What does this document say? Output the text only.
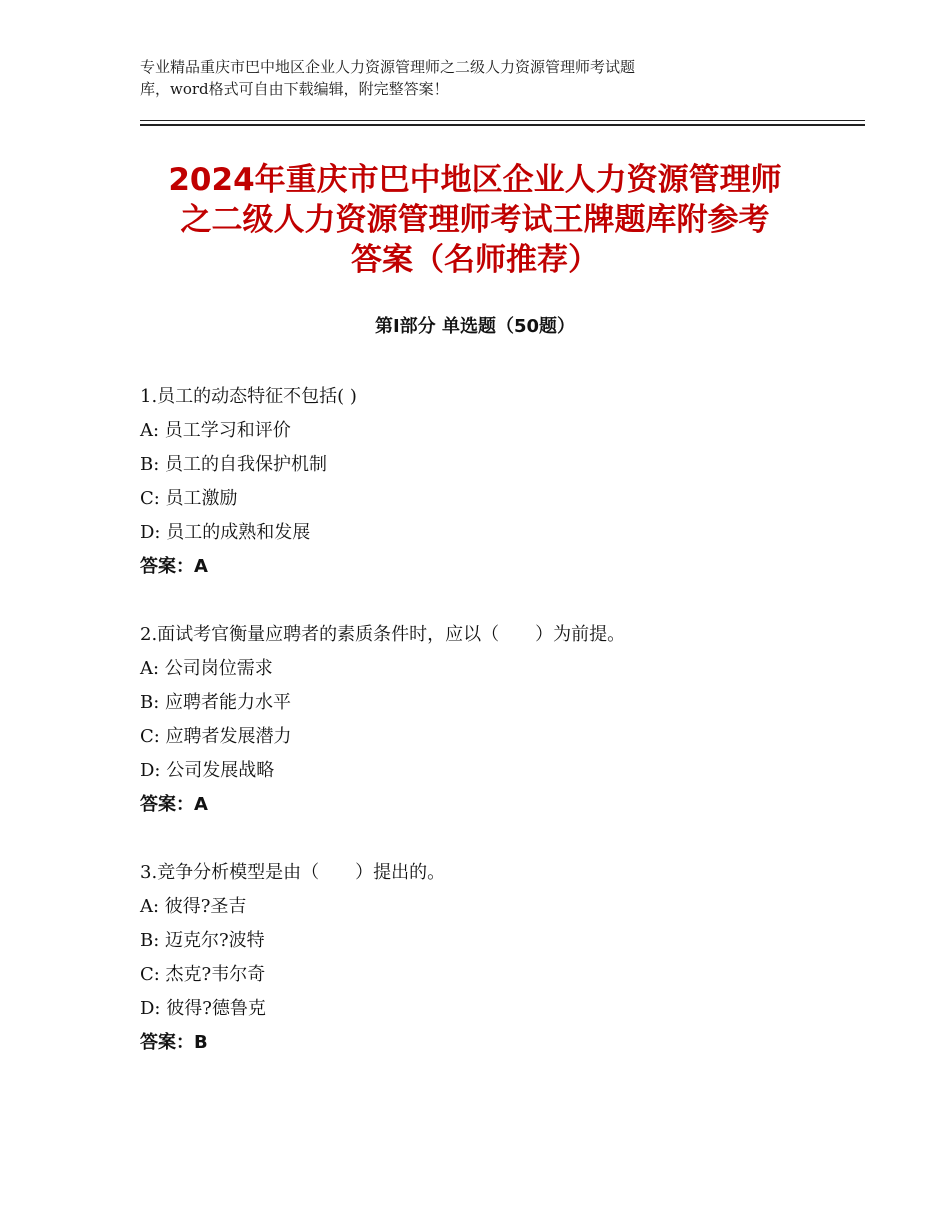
专业精品重庆市巴中地区企业人力资源管理师之二级人力资源管理师考试题
库，word格式可自由下载编辑，附完整答案！
2024年重庆市巴中地区企业人力资源管理师
之二级人力资源管理师考试王牌题库附参考
答案（名师推荐）
第Ⅰ部分 单选题（50题）
1.员工的动态特征不包括( )
A: 员工学习和评价
B: 员工的自我保护机制
C: 员工激励
D: 员工的成熟和发展
答案：A
2.面试考官衡量应聘者的素质条件时，应以（　　）为前提。
A: 公司岗位需求
B: 应聘者能力水平
C: 应聘者发展潜力
D: 公司发展战略
答案：A
3.竞争分析模型是由（　　）提出的。
A: 彼得?圣吉
B: 迈克尔?波特
C: 杰克?韦尔奇
D: 彼得?德鲁克
答案：B
